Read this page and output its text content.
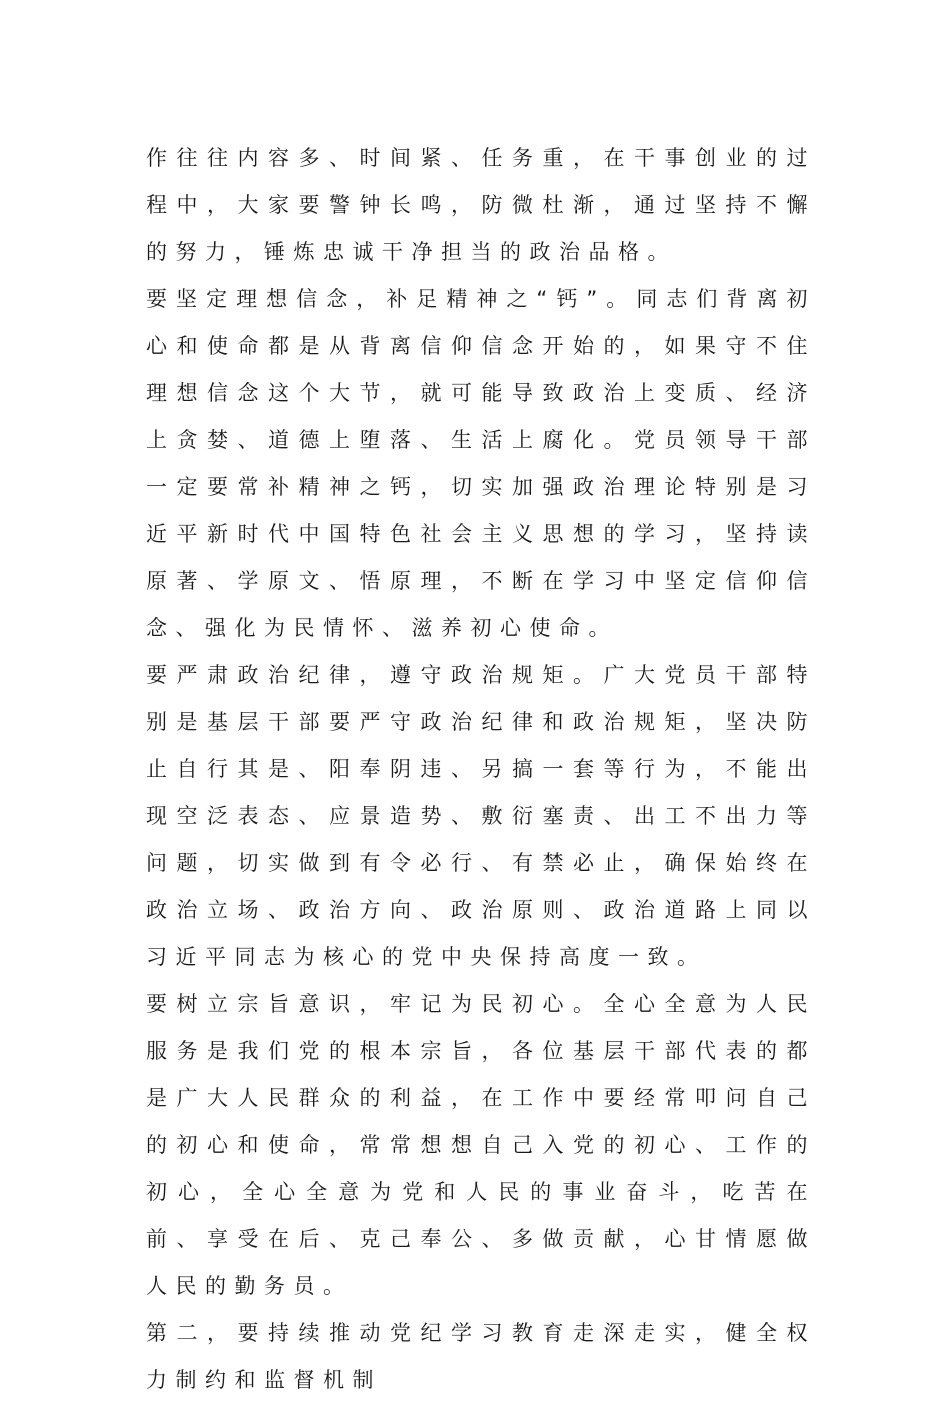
作往往内容多、时间紧、任务重，在干事创业的过程中，大家要警钟长鸣，防微杜渐，通过坚持不懈的努力，锤炼忠诚干净担当的政治品格。

要坚定理想信念，补足精神之“钙”。同志们背离初心和使命都是从背离信仰信念开始的，如果守不住理想信念这个大节，就可能导致政治上变质、经济上贪婪、道德上堕落、生活上腐化。党员领导干部一定要常补精神之钙，切实加强政治理论特别是习近平新时代中国特色社会主义思想的学习，坚持读原著、学原文、悟原理，不断在学习中坚定信仰信念、强化为民情怀、滋养初心使命。

要严肃政治纪律，遵守政治规矩。广大党员干部特别是基层干部要严守政治纪律和政治规矩，坚决防止自行其是、阳奉阴违、另搞一套等行为，不能出现空泛表态、应景造势、敷衍塞责、出工不出力等问题，切实做到有令必行、有禁必止，确保始终在政治立场、政治方向、政治原则、政治道路上同以习近平同志为核心的党中央保持高度一致。

要树立宗旨意识，牢记为民初心。全心全意为人民服务是我们党的根本宗旨，各位基层干部代表的都是广大人民群众的利益，在工作中要经常叩问自己的初心和使命，常常想想自己入党的初心、工作的初心，全心全意为党和人民的事业奋斗，吃苦在前、享受在后、克己奉公、多做贡献，心甘情愿做人民的勤务员。

第二，要持续推动党纪学习教育走深走实，健全权力制约和监督机制
